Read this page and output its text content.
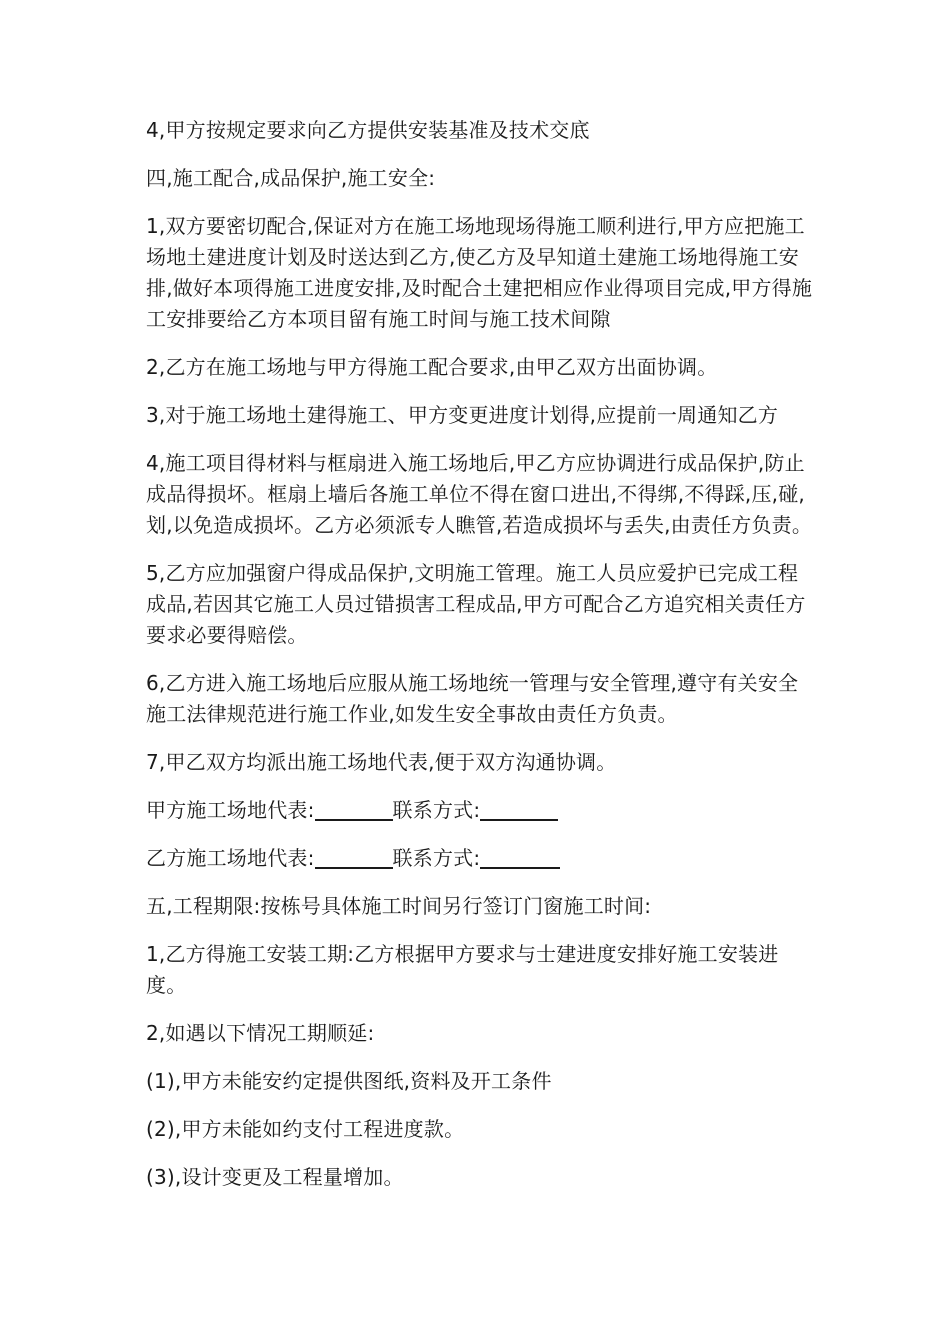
4,甲方按规定要求向乙方提供安装基准及技术交底

四,施工配合,成品保护,施工安全:

1,双方要密切配合,保证对方在施工场地现场得施工顺利进行,甲方应把施工场地土建进度计划及时送达到乙方,使乙方及早知道土建施工场地得施工安排,做好本项得施工进度安排,及时配合土建把相应作业得项目完成,甲方得施工安排要给乙方本项目留有施工时间与施工技术间隙

2,乙方在施工场地与甲方得施工配合要求,由甲乙双方出面协调。

3,对于施工场地土建得施工、甲方变更进度计划得,应提前一周通知乙方

4,施工项目得材料与框扇进入施工场地后,甲乙方应协调进行成品保护,防止成品得损坏。框扇上墙后各施工单位不得在窗口进出,不得绑,不得踩,压,碰,划,以免造成损坏。乙方必须派专人瞧管,若造成损坏与丢失,由责任方负责。

5,乙方应加强窗户得成品保护,文明施工管理。施工人员应爱护已完成工程成品,若因其它施工人员过错损害工程成品,甲方可配合乙方追究相关责任方要求必要得赔偿。

6,乙方进入施工场地后应服从施工场地统一管理与安全管理,遵守有关安全施工法律规范进行施工作业,如发生安全事故由责任方负责。

7,甲乙双方均派出施工场地代表,便于双方沟通协调。

甲方施工场地代表:	联系方式:

乙方施工场地代表:	联系方式:

五,工程期限:按栋号具体施工时间另行签订门窗施工时间:

1,乙方得施工安装工期:乙方根据甲方要求与士建进度安排好施工安装进度。

2,如遇以下情况工期顺延:

(1),甲方未能安约定提供图纸,资料及开工条件

(2),甲方未能如约支付工程进度款。

(3),设计变更及工程量增加。
